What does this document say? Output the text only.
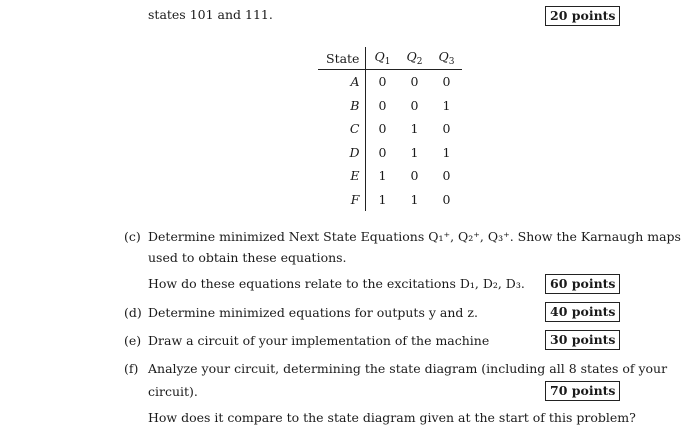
states 101 and 111.	20 points
State	$Q_1$	$Q_2$	$Q_3$
A	0	0	0
B	0	0	1
C	0	1	0
D	0	1	1
E	1	0	0
F	1	1	0
(c) Determine minimized Next State Equations Q₁⁺, Q₂⁺, Q₃⁺. Show the Karnaugh maps
used to obtain these equations.
How do these equations relate to the excitations D₁, D₂, D₃.	60 points
(d) Determine minimized equations for outputs y and z.	40 points
(e) Draw a circuit of your implementation of the machine	30 points
(f) Analyze your circuit, determining the state diagram (including all 8 states of your
circuit).	70 points
How does it compare to the state diagram given at the start of this problem?
